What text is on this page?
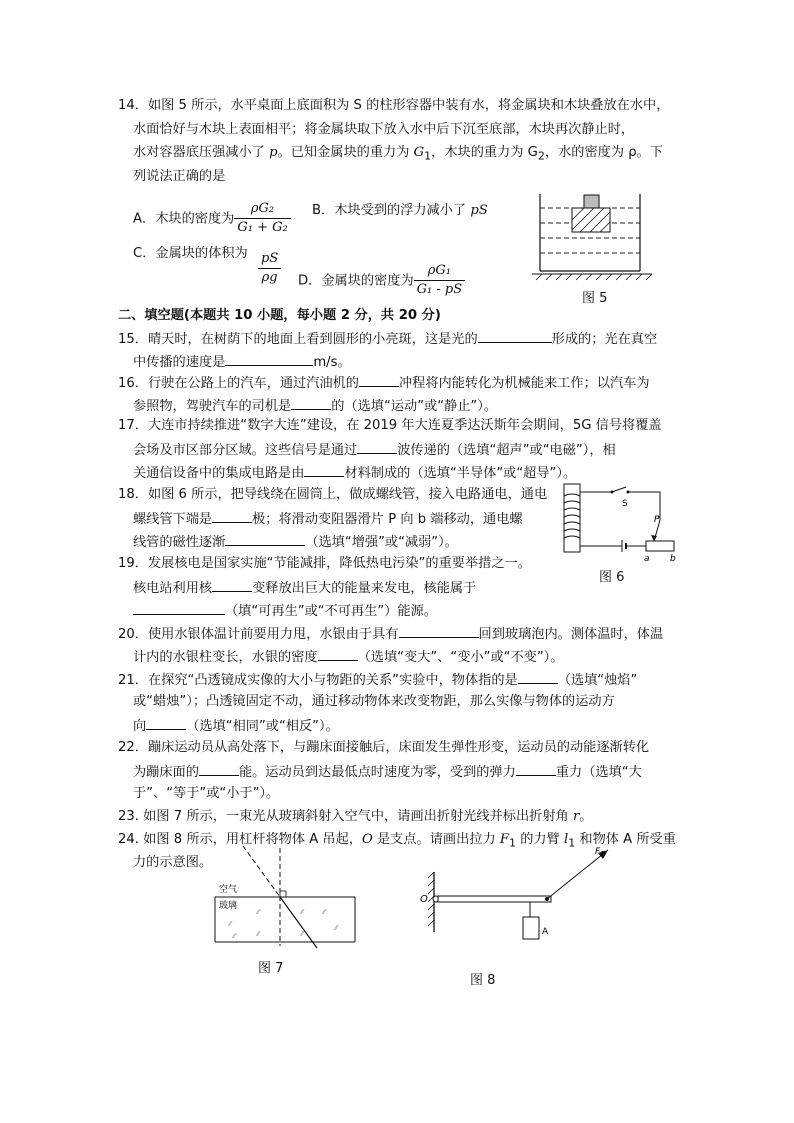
14．如图 5 所示，水平桌面上底面积为 S 的柱形容器中装有水，将金属块和木块叠放在水中，
水面恰好与木块上表面相平；将金属块取下放入水中后下沉至底部，木块再次静止时，
水对容器底压强减小了 p。已知金属块的重力为 $G_1$，木块的重力为 $G_2$，水的密度为 ρ。下
列说法正确的是
A．木块的密度为 $\frac{\text{ρG₂}}{\text{G₁ + G₂}}$ B．木块受到的浮力减小了 pS
C．金属块的体积为 $\frac{pS}{\rho g}$ D．金属块的密度为 $\frac{\text{ρG₁}}{\text{G₁ - pS}}$	图 5
二、填空题(本题共 10 小题，每小题 2 分，共 20 分)
15．晴天时，在树荫下的地面上看到圆形的小亮斑，这是光的	形成的；光在真空
中传播的速度是	m/s。
16．行驶在公路上的汽车，通过汽油机的	冲程将内能转化为机械能来工作；以汽车为
参照物，驾驶汽车的司机是	的（选填“运动”或“静止”）。
17．大连市持续推进“数字大连”建设，在 2019 年大连夏季达沃斯年会期间，5G 信号将覆盖
会场及市区部分区域。这些信号是通过	波传递的（选填“超声”或“电磁”），相
关通信设备中的集成电路是由	材料制成的（选填“半导体”或“超导”）。
18．如图 6 所示，把导线绕在圆筒上，做成螺线管，接入电路通电，通电
螺线管下端是	极；将滑动变阻器滑片 P 向 b 端移动，通电螺
线管的磁性逐渐	（选填“增强”或“减弱”）。
19．发展核电是国家实施“节能减排，降低热电污染”的重要举措之一。
核电站利用核	变释放出巨大的能量来发电，核能属于
（填“可再生”或“不可再生”）能源。
S
P
a b
图 6
20．使用水银体温计前要用力甩，水银由于具有	回到玻璃泡内。测体温时，体温
计内的水银柱变长，水银的密度	（选填“变大”、“变小”或“不变”）。
21．在探究“凸透镜成实像的大小与物距的关系”实验中，物体指的是	（选填“烛焰”
或“蜡烛”）；凸透镜固定不动，通过移动物体来改变物距，那么实像与物体的运动方
向	（选填“相同”或“相反”）。
22．蹦床运动员从高处落下，与蹦床面接触后，床面发生弹性形变，运动员的动能逐渐转化
为蹦床面的	能。运动员到达最低点时速度为零，受到的弹力	重力（选填“大
于”、“等于”或“小于”）。
23. 如图 7 所示，一束光从玻璃斜射入空气中，请画出折射光线并标出折射角 r。
24. 如图 8 所示，用杠杆将物体 A 吊起，O 是支点。请画出拉力 $F_1$ 的力臂 $l_1$ 和物体 A 所受重
力的示意图。
空气
玻璃
⁄⁄
⁄⁄
⁄⁄
⁄⁄	⁄⁄
⁄⁄
⁄⁄
⁄⁄
图 7
O
$F_1$
A
图 8
